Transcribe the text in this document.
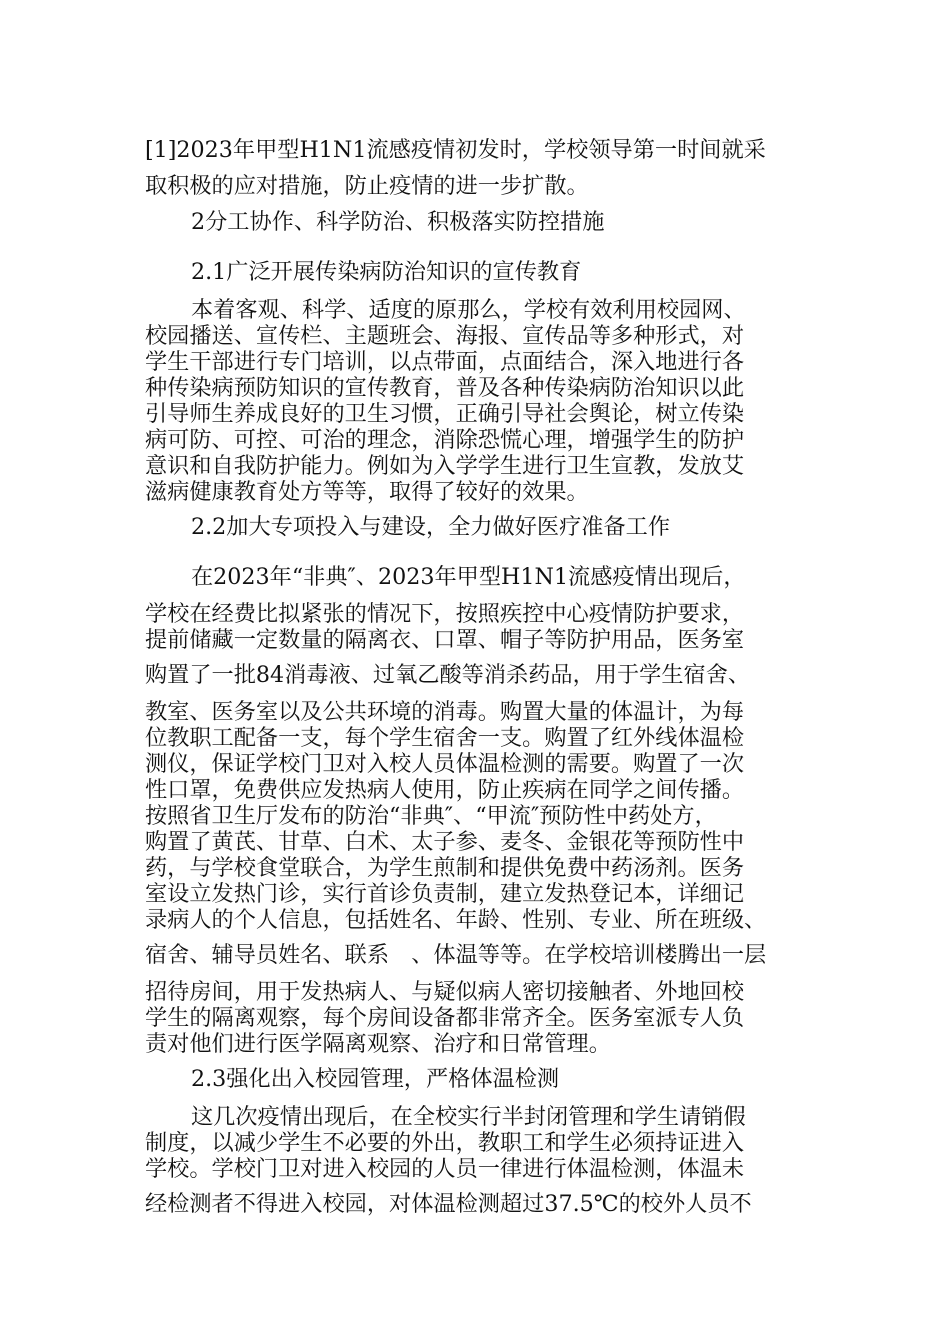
[1]2023年甲型H1N1流感疫情初发时，学校领导第一时间就采
取积极的应对措施，防止疫情的进一步扩散。
2分工协作、科学防治、积极落实防控措施
2.1广泛开展传染病防治知识的宣传教育
本着客观、科学、适度的原那么，学校有效利用校园网、
校园播送、宣传栏、主题班会、海报、宣传品等多种形式，对
学生干部进行专门培训，以点带面，点面结合，深入地进行各
种传染病预防知识的宣传教育，普及各种传染病防治知识以此
引导师生养成良好的卫生习惯，正确引导社会舆论，树立传染
病可防、可控、可治的理念，消除恐慌心理，增强学生的防护
意识和自我防护能力。例如为入学学生进行卫生宣教，发放艾
滋病健康教育处方等等，取得了较好的效果。
2.2加大专项投入与建设，全力做好医疗准备工作
在2023年“非典″、2023年甲型H1N1流感疫情出现后，
学校在经费比拟紧张的情况下，按照疾控中心疫情防护要求，
提前储藏一定数量的隔离衣、口罩、帽子等防护用品，医务室
购置了一批84消毒液、过氧乙酸等消杀药品，用于学生宿舍、
教室、医务室以及公共环境的消毒。购置大量的体温计，为每
位教职工配备一支，每个学生宿舍一支。购置了红外线体温检
测仪，保证学校门卫对入校人员体温检测的需要。购置了一次
性口罩，免费供应发热病人使用，防止疾病在同学之间传播。
按照省卫生厅发布的防治“非典″、“甲流″预防性中药处方，
购置了黄芪、甘草、白术、太子参、麦冬、金银花等预防性中
药，与学校食堂联合，为学生煎制和提供免费中药汤剂。医务
室设立发热门诊，实行首诊负责制，建立发热登记本，详细记
录病人的个人信息，包括姓名、年龄、性别、专业、所在班级、
宿舍、辅导员姓名、联系　、体温等等。在学校培训楼腾出一层
招待房间，用于发热病人、与疑似病人密切接触者、外地回校
学生的隔离观察，每个房间设备都非常齐全。医务室派专人负
责对他们进行医学隔离观察、治疗和日常管理。
2.3强化出入校园管理，严格体温检测
这几次疫情出现后，在全校实行半封闭管理和学生请销假
制度，以减少学生不必要的外出，教职工和学生必须持证进入
学校。学校门卫对进入校园的人员一律进行体温检测，体温未
经检测者不得进入校园，对体温检测超过37.5℃的校外人员不
